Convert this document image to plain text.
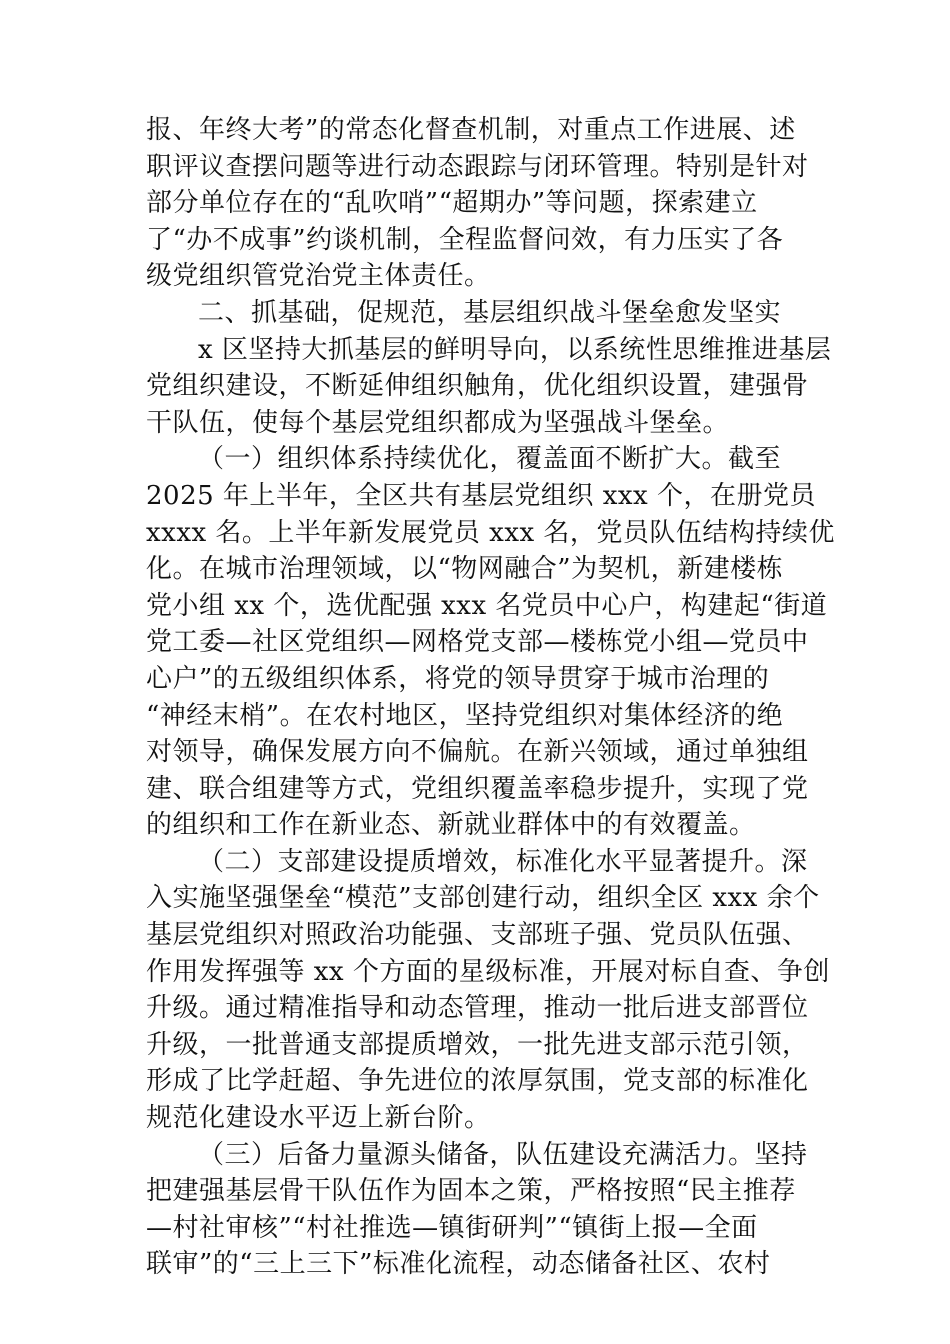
报、年终大考”的常态化督查机制，对重点工作进展、述
职评议查摆问题等进行动态跟踪与闭环管理。特别是针对
部分单位存在的“乱吹哨”“超期办”等问题，探索建立
了“办不成事”约谈机制，全程监督问效，有力压实了各
级党组织管党治党主体责任。
二、抓基础，促规范，基层组织战斗堡垒愈发坚实
x 区坚持大抓基层的鲜明导向，以系统性思维推进基层
党组织建设，不断延伸组织触角，优化组织设置，建强骨
干队伍，使每个基层党组织都成为坚强战斗堡垒。
（一）组织体系持续优化，覆盖面不断扩大。截至
2025 年上半年，全区共有基层党组织 xxx 个，在册党员
xxxx 名。上半年新发展党员 xxx 名，党员队伍结构持续优
化。在城市治理领域，以“物网融合”为契机，新建楼栋
党小组 xx 个，选优配强 xxx 名党员中心户，构建起“街道
党工委—社区党组织—网格党支部—楼栋党小组—党员中
心户”的五级组织体系，将党的领导贯穿于城市治理的
“神经末梢”。在农村地区，坚持党组织对集体经济的绝
对领导，确保发展方向不偏航。在新兴领域，通过单独组
建、联合组建等方式，党组织覆盖率稳步提升，实现了党
的组织和工作在新业态、新就业群体中的有效覆盖。
（二）支部建设提质增效，标准化水平显著提升。深
入实施坚强堡垒“模范”支部创建行动，组织全区 xxx 余个
基层党组织对照政治功能强、支部班子强、党员队伍强、
作用发挥强等 xx 个方面的星级标准，开展对标自查、争创
升级。通过精准指导和动态管理，推动一批后进支部晋位
升级，一批普通支部提质增效，一批先进支部示范引领，
形成了比学赶超、争先进位的浓厚氛围，党支部的标准化
规范化建设水平迈上新台阶。
（三）后备力量源头储备，队伍建设充满活力。坚持
把建强基层骨干队伍作为固本之策，严格按照“民主推荐
—村社审核”“村社推选—镇街研判”“镇街上报—全面
联审”的“三上三下”标准化流程，动态储备社区、农村
